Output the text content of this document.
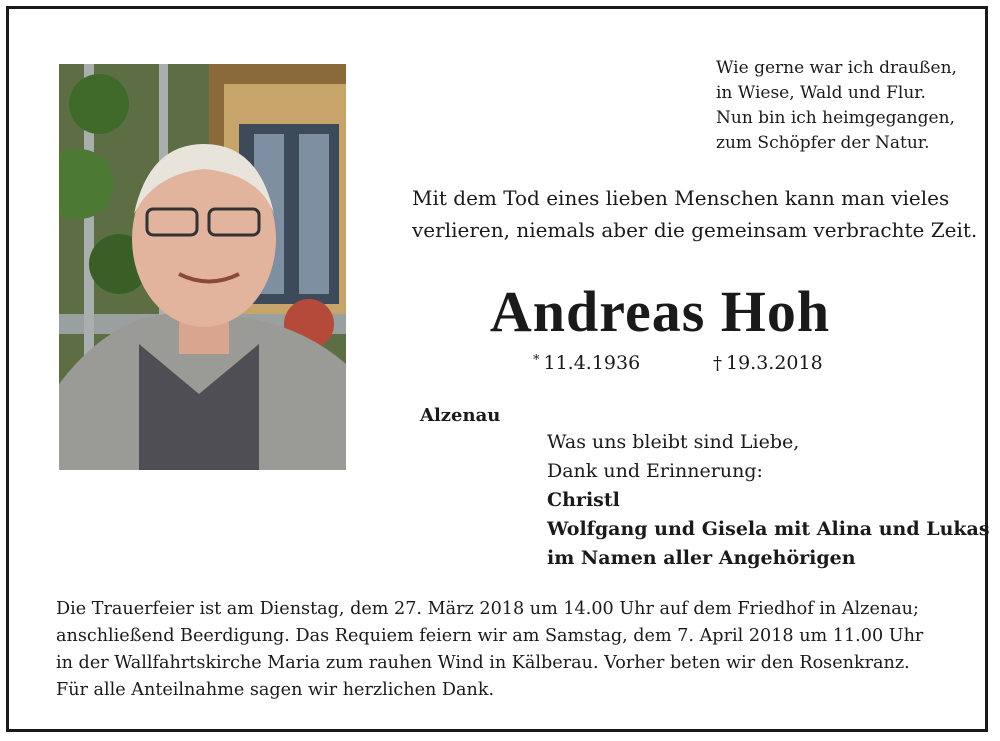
Wie gerne war ich draußen,
in Wiese, Wald und Flur.
Nun bin ich heimgegangen,
zum Schöpfer der Natur.
Mit dem Tod eines lieben Menschen kann man vieles
verlieren, niemals aber die gemeinsam verbrachte Zeit.
Andreas Hoh
* 11.4.1936	† 19.3.2018
Alzenau
Was uns bleibt sind Liebe,
Dank und Erinnerung:
Christl
Wolfgang und Gisela mit Alina und Lukas
im Namen aller Angehörigen
Die Trauerfeier ist am Dienstag, dem 27. März 2018 um 14.00 Uhr auf dem Friedhof in Alzenau;
anschließend Beerdigung. Das Requiem feiern wir am Samstag, dem 7. April 2018 um 11.00 Uhr
in der Wallfahrtskirche Maria zum rauhen Wind in Kälberau. Vorher beten wir den Rosenkranz.
Für alle Anteilnahme sagen wir herzlichen Dank.
